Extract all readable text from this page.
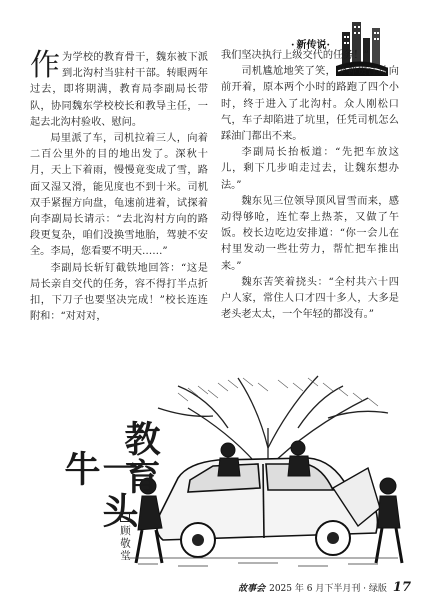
· 新传说·

作为学校的教育骨干，魏东被下派到北沟村当驻村干部。转眼两年过去，即将期满，教育局李副局长带队，协同魏东学校校长和教导主任，一起去北沟村验收、慰问。

局里派了车，司机拉着三人，向着二百公里外的目的地出发了。深秋十月，天上下着雨，慢慢竟变成了雪，路面又湿又滑，能见度也不到十米。司机双手紧握方向盘，龟速前进着，试探着向李副局长请示：“去北沟村方向的路段更复杂，咱们没换雪地胎，驾驶不安全。李局，您看要不明天……”

李副局长斩钉截铁地回答：“这是局长亲自交代的任务，容不得打半点折扣，下刀子也要坚决完成！”校长连连附和：“对对对，

我们坚决执行上级交代的任务！”

司机尴尬地笑了笑，全神贯注地向前开着，原本两个小时的路跑了四个小时，终于进入了北沟村。众人刚松口气，车子却陷进了坑里，任凭司机怎么踩油门都出不来。

李副局长抬板道：“先把车放这儿，剩下几步咱走过去，让魏东想办法。”

魏东见三位领导顶风冒雪而来，感动得够呛，连忙奉上热茶，又做了午饭。校长边吃边安排道：“你一会儿在村里发动一些壮劳力，帮忙把车推出来。”

魏东苦笑着挠头：“全村共六十四户人家，常住人口才四十多人，大多是老头老太太，一个年轻的都没有。”

教育
一头牛
顾敬堂
故事会 2025 年 6 月下半月刊 · 绿版 17
